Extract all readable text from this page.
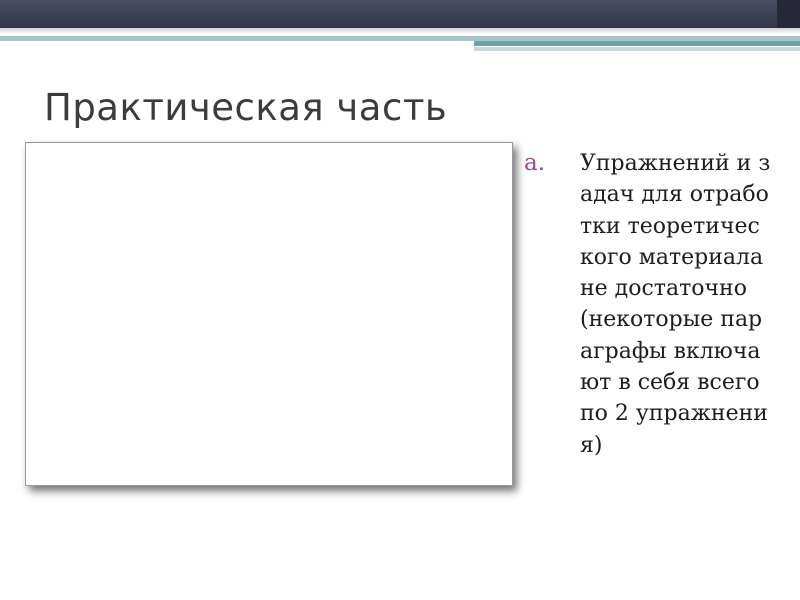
Практическая часть
a. Упражнений и задач для отработки теоретического материала не достаточно (некоторые параграфы включают в себя всего по 2 упражнения)
